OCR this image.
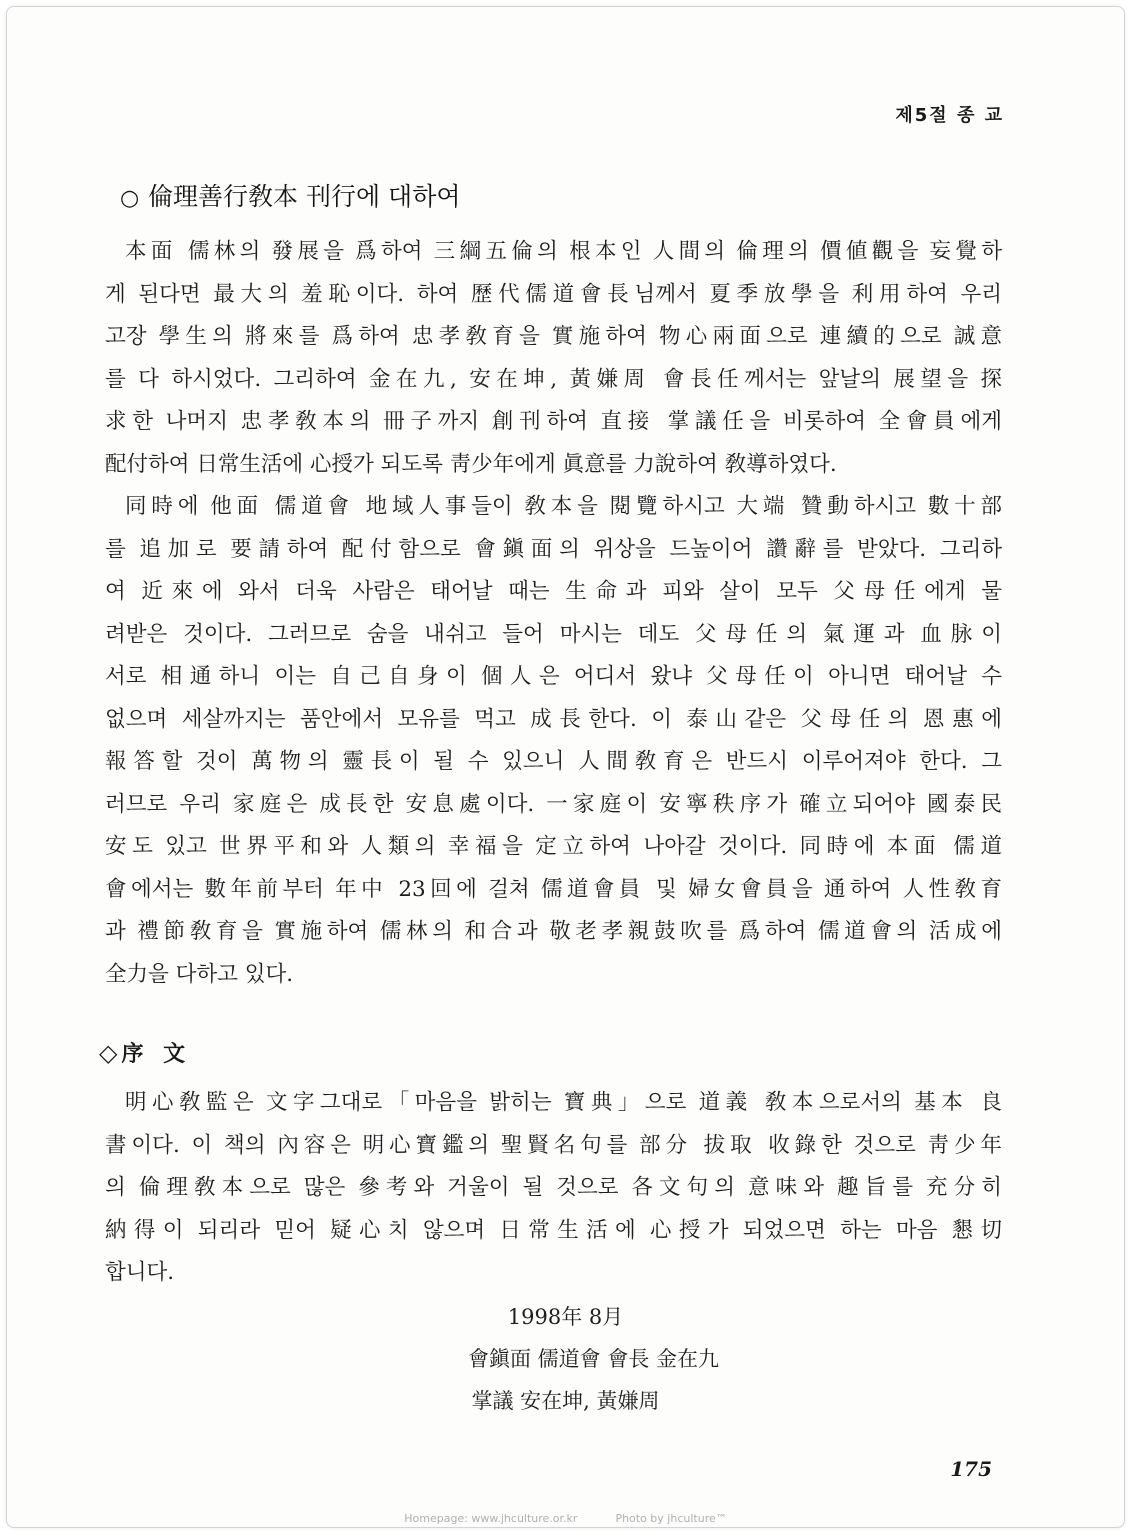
제5절 종 교
○ 倫理善行敎本 刊行에 대하여
本面 儒林의 發展을 爲하여 三綱五倫의 根本인 人間의 倫理의 價値觀을 妄覺하
게 된다면 最大의 羞恥이다. 하여 歷代儒道會長님께서 夏季放學을 利用하여 우리
고장 學生의 將來를 爲하여 忠孝敎育을 實施하여 物心兩面으로 連續的으로 誠意
를 다 하시었다. 그리하여 金在九, 安在坤, 黃嫌周 會長任께서는 앞날의 展望을 探
求한 나머지 忠孝敎本의 冊子까지 創刊하여 直接 掌議任을 비롯하여 全會員에게
配付하여 日常生活에 心授가 되도록 靑少年에게 眞意를 力說하여 敎導하였다.
同時에 他面 儒道會 地域人事들이 敎本을 閱覽하시고 大端 贊動하시고 數十部
를 追加로 要請하여 配付함으로 會鎭面의 위상을 드높이어 讚辭를 받았다. 그리하
여 近來에 와서 더욱 사람은 태어날 때는 生命과 피와 살이 모두 父母任에게 물
려받은 것이다. 그러므로 숨을 내쉬고 들어 마시는 데도 父母任의 氣運과 血脉이
서로 相通하니 이는 自己自身이 個人은 어디서 왔냐 父母任이 아니면 태어날 수
없으며 세살까지는 품안에서 모유를 먹고 成長한다. 이 泰山같은 父母任의 恩惠에
報答할 것이 萬物의 靈長이 될 수 있으니 人間敎育은 반드시 이루어져야 한다. 그
러므로 우리 家庭은 成長한 安息處이다. 一家庭이 安寧秩序가 確立되어야 國泰民
安도 있고 世界平和와 人類의 幸福을 定立하여 나아갈 것이다. 同時에 本面 儒道
會에서는 數年前부터 年中 23回에 걸쳐 儒道會員 및 婦女會員을 通하여 人性敎育
과 禮節敎育을 實施하여 儒林의 和合과 敬老孝親鼓吹를 爲하여 儒道會의 活成에
全力을 다하고 있다.
◇ 序 文
明心敎監은 文字그대로「마음을 밝히는 寶典」으로 道義 敎本으로서의 基本 良
書이다. 이 책의 內容은 明心寶鑑의 聖賢名句를 部分 拔取 收錄한 것으로 靑少年
의 倫理敎本으로 많은 參考와 거울이 될 것으로 各文句의 意味와 趣旨를 充分히
納得이 되리라 믿어 疑心치 않으며 日常生活에 心授가 되었으면 하는 마음 懇切
합니다.
1998年 8月
會鎭面 儒道會 會長 金在九
掌議 安在坤, 黃嫌周
175
Homepage: www.jhculture.or.kr	Photo by jhculture™
